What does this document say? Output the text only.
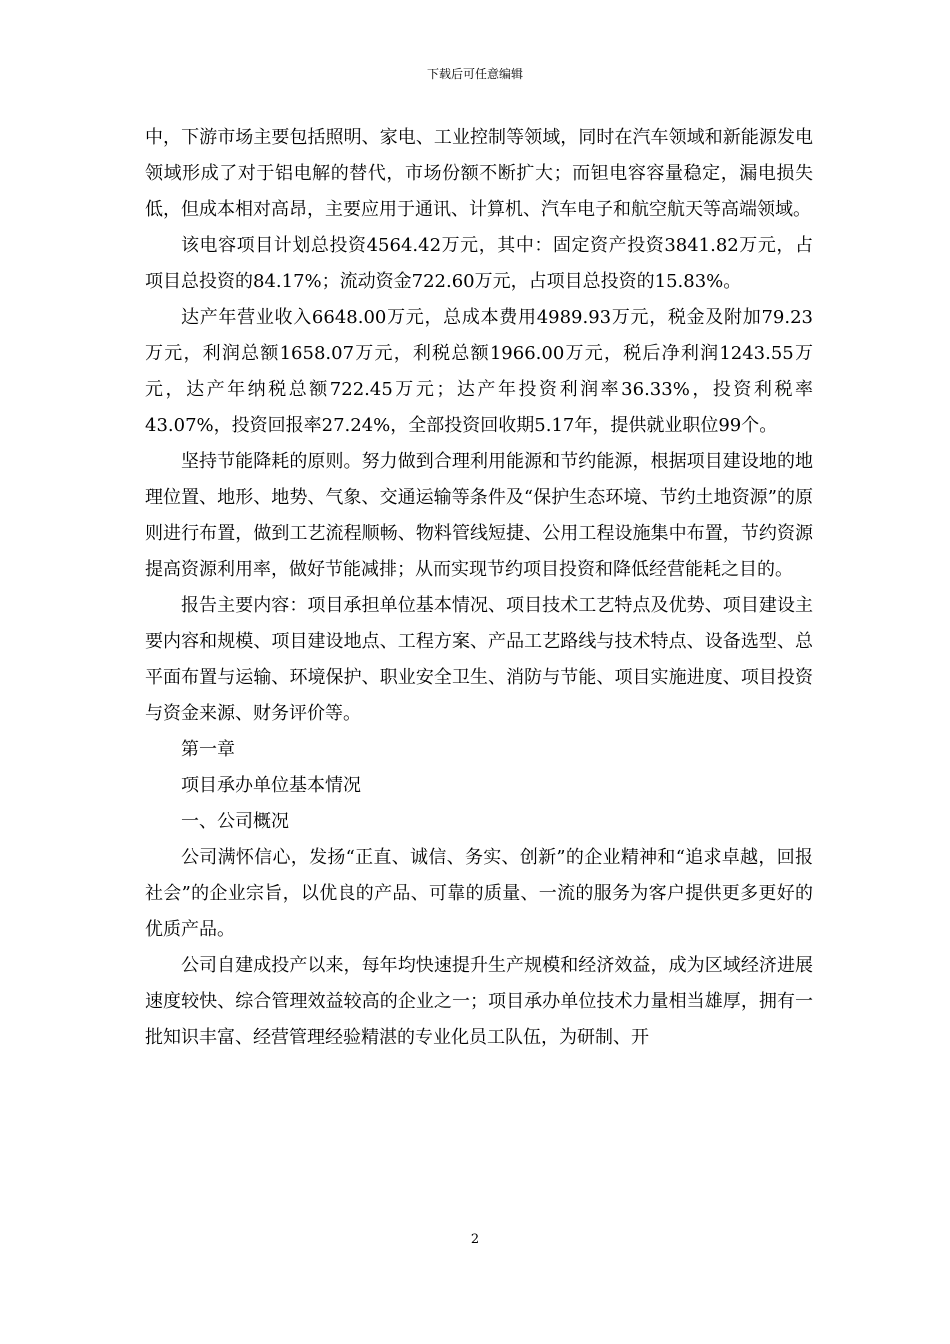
下载后可任意编辑

中，下游市场主要包括照明、家电、工业控制等领域，同时在汽车领域和新能源发电领域形成了对于铝电解的替代，市场份额不断扩大；而钽电容容量稳定，漏电损失低，但成本相对高昂，主要应用于通讯、计算机、汽车电子和航空航天等高端领域。

该电容项目计划总投资4564.42万元，其中：固定资产投资3841.82万元，占项目总投资的84.17%；流动资金722.60万元，占项目总投资的15.83%。

达产年营业收入6648.00万元，总成本费用4989.93万元，税金及附加79.23万元，利润总额1658.07万元，利税总额1966.00万元，税后净利润1243.55万元，达产年纳税总额722.45万元；达产年投资利润率36.33%，投资利税率43.07%，投资回报率27.24%，全部投资回收期5.17年，提供就业职位99个。

坚持节能降耗的原则。努力做到合理利用能源和节约能源，根据项目建设地的地理位置、地形、地势、气象、交通运输等条件及“保护生态环境、节约土地资源”的原则进行布置，做到工艺流程顺畅、物料管线短捷、公用工程设施集中布置，节约资源提高资源利用率，做好节能减排；从而实现节约项目投资和降低经营能耗之目的。

报告主要内容：项目承担单位基本情况、项目技术工艺特点及优势、项目建设主要内容和规模、项目建设地点、工程方案、产品工艺路线与技术特点、设备选型、总平面布置与运输、环境保护、职业安全卫生、消防与节能、项目实施进度、项目投资与资金来源、财务评价等。

第一章

项目承办单位基本情况

一、公司概况

公司满怀信心，发扬“正直、诚信、务实、创新”的企业精神和“追求卓越，回报社会”的企业宗旨，以优良的产品、可靠的质量、一流的服务为客户提供更多更好的优质产品。

公司自建成投产以来，每年均快速提升生产规模和经济效益，成为区域经济进展速度较快、综合管理效益较高的企业之一；项目承办单位技术力量相当雄厚，拥有一批知识丰富、经营管理经验精湛的专业化员工队伍，为研制、开

2
